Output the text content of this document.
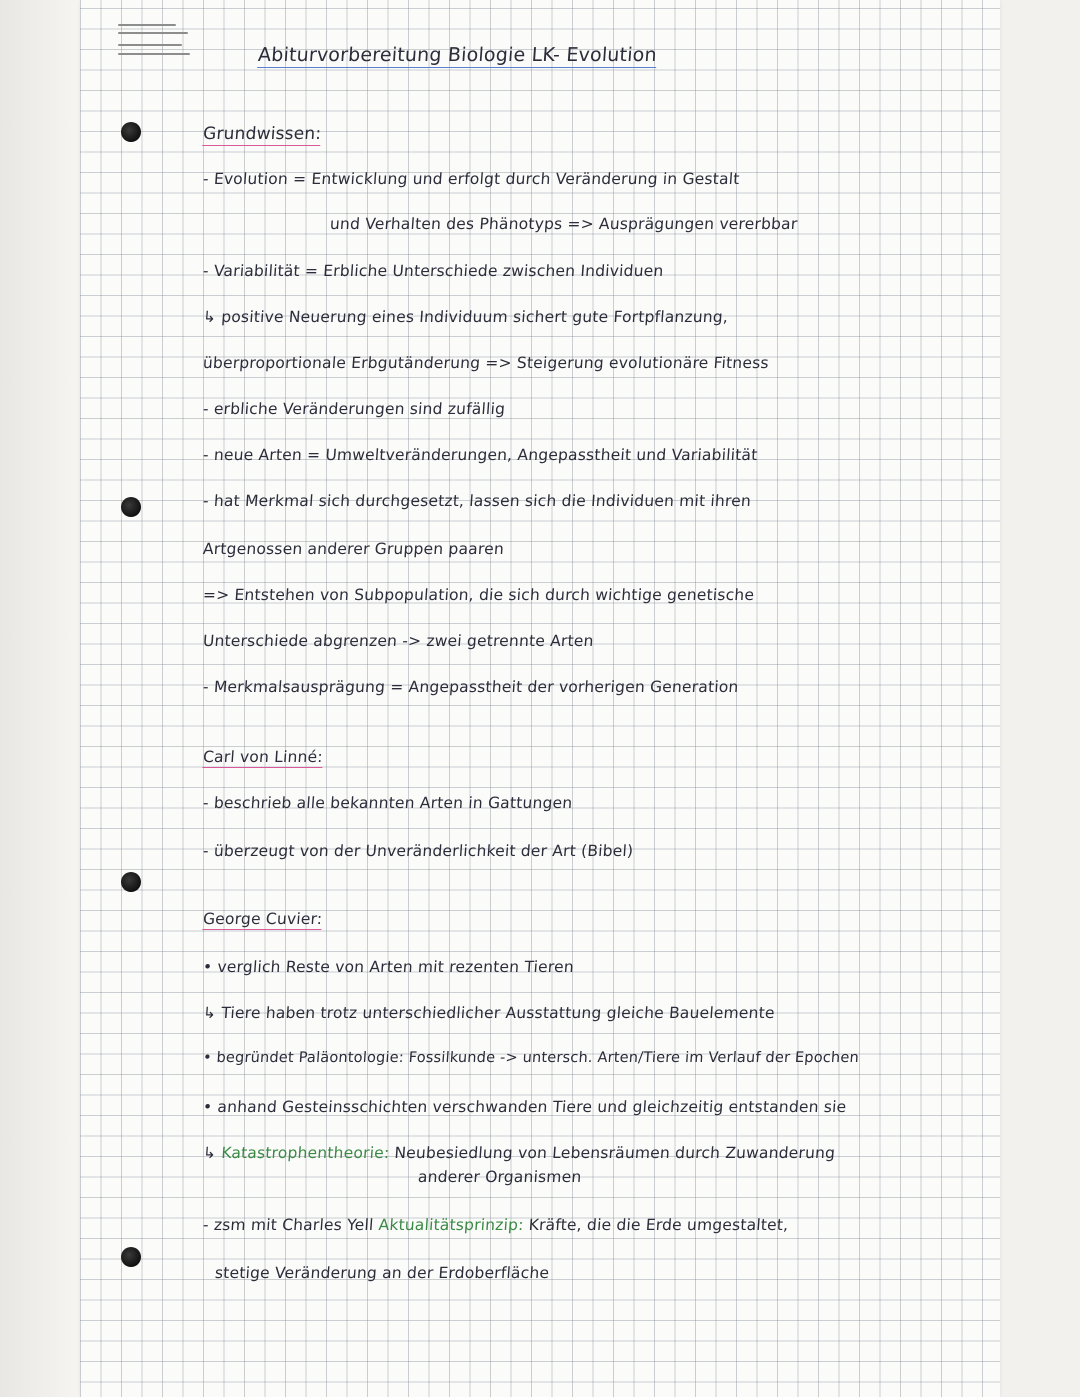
Abiturvorbereitung Biologie LK- Evolution
Grundwissen:
- Evolution = Entwicklung und erfolgt durch Veränderung in Gestalt
und Verhalten des Phänotyps => Ausprägungen vererbbar
- Variabilität = Erbliche Unterschiede zwischen Individuen
↳ positive Neuerung eines Individuum sichert gute Fortpflanzung,
überproportionale Erbgutänderung => Steigerung evolutionäre Fitness
- erbliche Veränderungen sind zufällig
- neue Arten = Umweltveränderungen, Angepasstheit und Variabilität
- hat Merkmal sich durchgesetzt, lassen sich die Individuen mit ihren
Artgenossen anderer Gruppen paaren
=> Entstehen von Subpopulation, die sich durch wichtige genetische
Unterschiede abgrenzen -> zwei getrennte Arten
- Merkmalsausprägung = Angepasstheit der vorherigen Generation
Carl von Linné:
- beschrieb alle bekannten Arten in Gattungen
- überzeugt von der Unveränderlichkeit der Art (Bibel)
George Cuvier:
• verglich Reste von Arten mit rezenten Tieren
↳ Tiere haben trotz unterschiedlicher Ausstattung gleiche Bauelemente
• begründet Paläontologie: Fossilkunde -> untersch. Arten/Tiere im Verlauf der Epochen
• anhand Gesteinsschichten verschwanden Tiere und gleichzeitig entstanden sie
↳ Katastrophentheorie: Neubesiedlung von Lebensräumen durch Zuwanderung
anderer Organismen
- zsm mit Charles Yell Aktualitätsprinzip: Kräfte, die die Erde umgestaltet,
stetige Veränderung an der Erdoberfläche
